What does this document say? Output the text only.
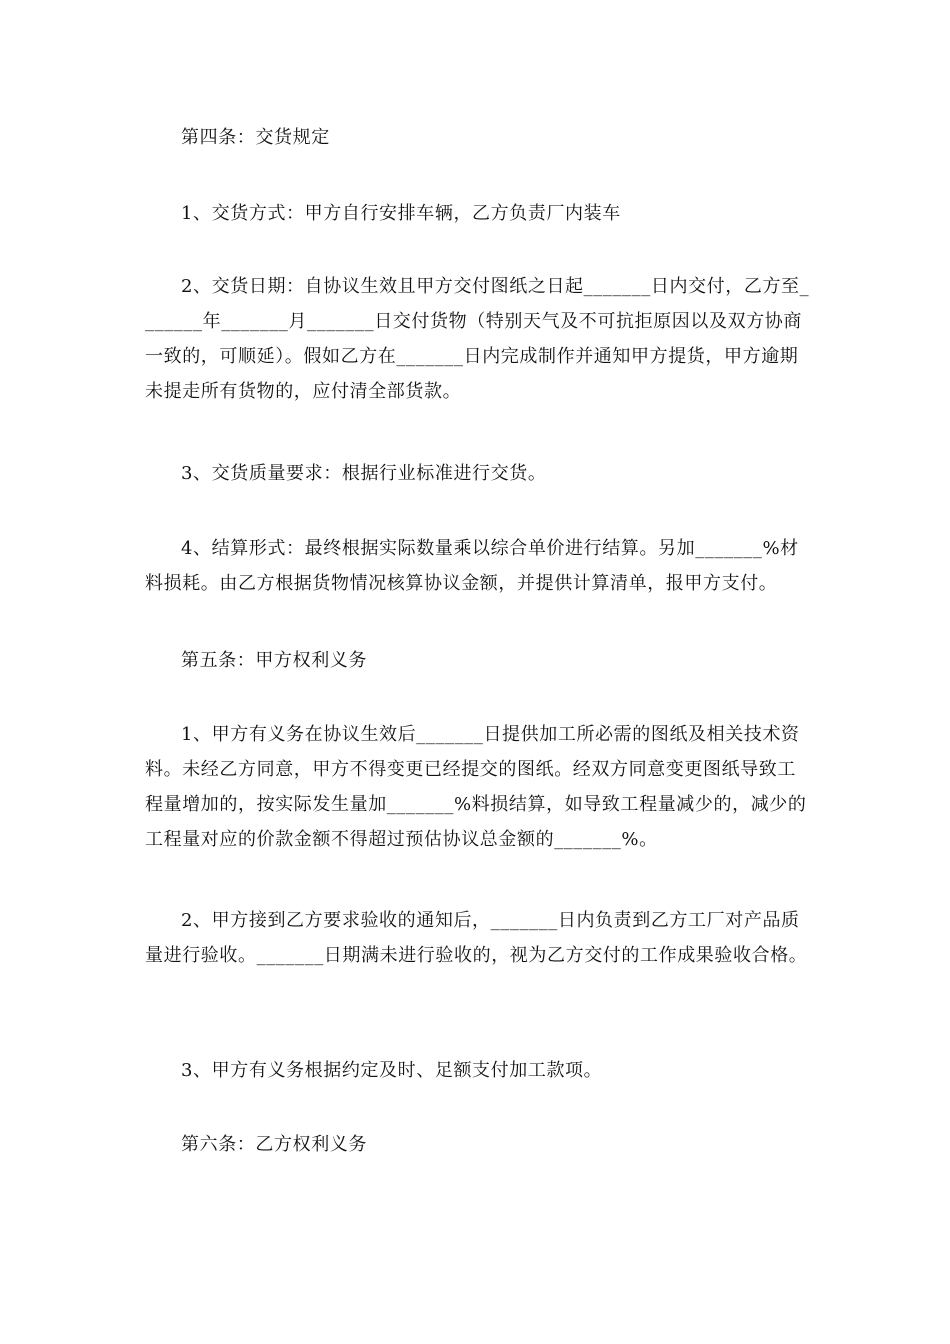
第四条：交货规定

1、交货方式：甲方自行安排车辆，乙方负责厂内装车

2、交货日期：自协议生效且甲方交付图纸之日起_______日内交付，乙方至_______年_______月_______日交付货物（特别天气及不可抗拒原因以及双方协商一致的，可顺延）。假如乙方在_______日内完成制作并通知甲方提货，甲方逾期未提走所有货物的，应付清全部货款。

3、交货质量要求：根据行业标准进行交货。

4、结算形式：最终根据实际数量乘以综合单价进行结算。另加_______%材料损耗。由乙方根据货物情况核算协议金额，并提供计算清单，报甲方支付。

第五条：甲方权利义务

1、甲方有义务在协议生效后_______日提供加工所必需的图纸及相关技术资料。未经乙方同意，甲方不得变更已经提交的图纸。经双方同意变更图纸导致工程量增加的，按实际发生量加_______%料损结算，如导致工程量减少的，减少的工程量对应的价款金额不得超过预估协议总金额的_______%。

2、甲方接到乙方要求验收的通知后，_______日内负责到乙方工厂对产品质量进行验收。_______日期满未进行验收的，视为乙方交付的工作成果验收合格。

3、甲方有义务根据约定及时、足额支付加工款项。

第六条：乙方权利义务
